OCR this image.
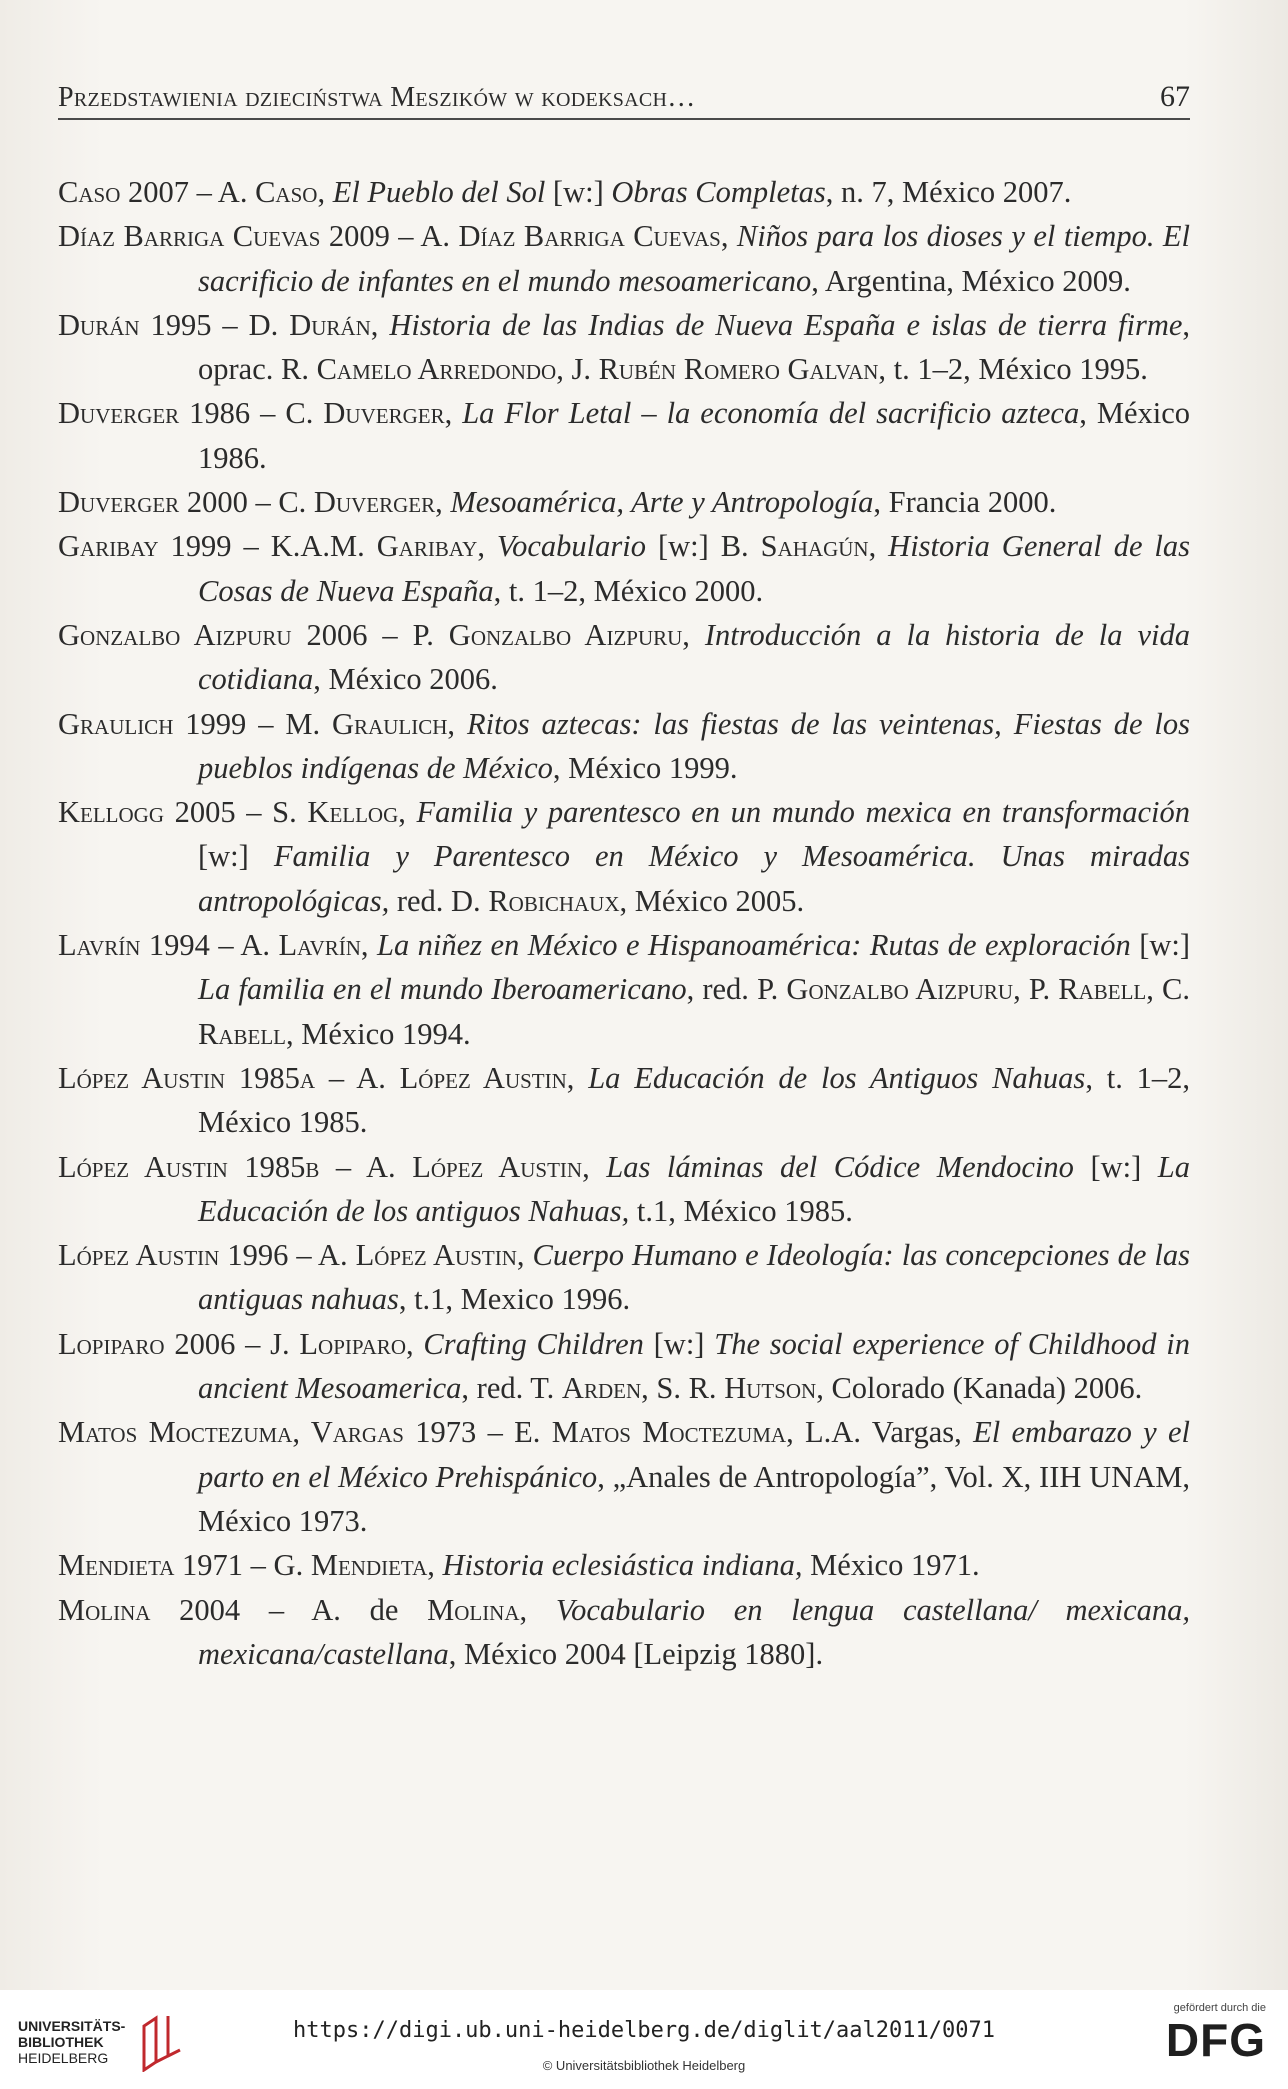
Przedstawienia dzieciństwa Meszików w kodeksach…	67

Caso 2007 – A. Caso, El Pueblo del Sol [w:] Obras Completas, n. 7, México 2007.

Díaz Barriga Cuevas 2009 – A. Díaz Barriga Cuevas, Niños para los dioses y el tiempo. El sacrificio de infantes en el mundo mesoamericano, Argentina, México 2009.

Durán 1995 – D. Durán, Historia de las Indias de Nueva España e islas de tierra firme, oprac. R. Camelo Arredondo, J. Rubén Romero Galvan, t. 1–2, México 1995.

Duverger 1986 – C. Duverger, La Flor Letal – la economía del sacrificio azteca, México 1986.

Duverger 2000 – C. Duverger, Mesoamérica, Arte y Antropología, Francia 2000.

Garibay 1999 – K.A.M. Garibay, Vocabulario [w:] B. Sahagún, Historia General de las Cosas de Nueva España, t. 1–2, México 2000.

Gonzalbo Aizpuru 2006 – P. Gonzalbo Aizpuru, Introducción a la historia de la vida cotidiana, México 2006.

Graulich 1999 – M. Graulich, Ritos aztecas: las fiestas de las veintenas, Fiestas de los pueblos indígenas de México, México 1999.

Kellogg 2005 – S. Kellog, Familia y parentesco en un mundo mexica en transformación [w:] Familia y Parentesco en México y Mesoamérica. Unas miradas antropológicas, red. D. Robichaux, México 2005.

Lavrín 1994 – A. Lavrín, La niñez en México e Hispanoamérica: Rutas de exploración [w:] La familia en el mundo Iberoamericano, red. P. Gonzalbo Aizpuru, P. Rabell, C. Rabell, México 1994.

López Austin 1985a – A. López Austin, La Educación de los Antiguos Nahuas, t. 1–2, México 1985.

López Austin 1985b – A. López Austin, Las láminas del Códice Mendocino [w:] La Educación de los antiguos Nahuas, t.1, México 1985.

López Austin 1996 – A. López Austin, Cuerpo Humano e Ideología: las concepciones de las antiguas nahuas, t.1, Mexico 1996.

Lopiparo 2006 – J. Lopiparo, Crafting Children [w:] The social experience of Childhood in ancient Mesoamerica, red. T. Arden, S. R. Hutson, Colorado (Kanada) 2006.

Matos Moctezuma, Vargas 1973 – E. Matos Moctezuma, L.A. Vargas, El embarazo y el parto en el México Prehispánico, „Anales de Antropología”, Vol. X, IIH UNAM, México 1973.

Mendieta 1971 – G. Mendieta, Historia eclesiástica indiana, México 1971.

Molina 2004 – A. de Molina, Vocabulario en lengua castellana/ mexicana, mexicana/castellana, México 2004 [Leipzig 1880].

UNIVERSITÄTS-
BIBLIOTHEK
HEIDELBERG
https://digi.ub.uni-heidelberg.de/diglit/aal2011/0071
© Universitätsbibliothek Heidelberg
gefördert durch die
DFG
